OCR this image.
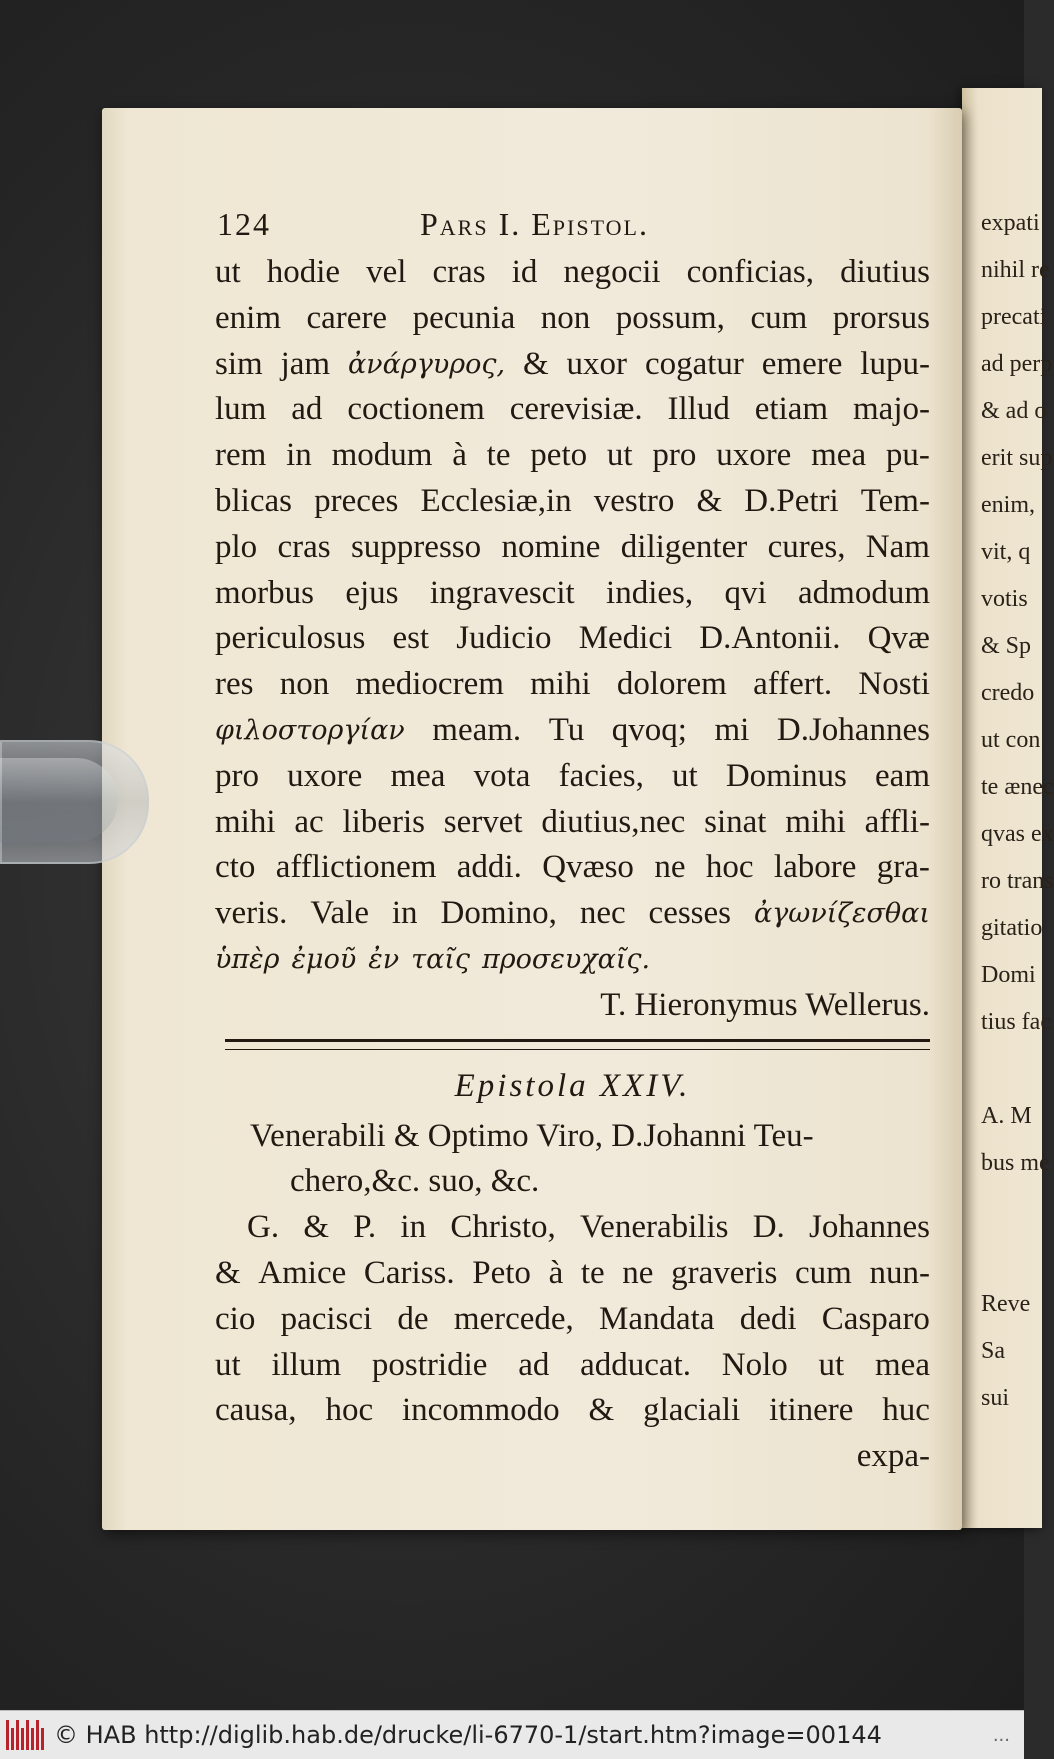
expati
nihil re
precati
ad perp
& ad o
erit sup
enim,
vit, q
votis
& Sp
credo
ut con
te ænec
qvas ex
ro trans
gitatio
Domi
tius fac
A. M
bus me
Reve
Sa
sui
124	Pars I. Epistol.
ut hodie vel cras id negocii conficias, diutius
enim carere pecunia non possum, cum prorsus
sim jam ἀνάργυρος, & uxor cogatur emere lupu-
lum ad coctionem cerevisiæ. Illud etiam majo-
rem in modum à te peto ut pro uxore mea pu-
blicas preces Ecclesiæ,in vestro & D.Petri Tem-
plo cras suppresso nomine diligenter cures, Nam
morbus ejus ingravescit indies, qvi admodum
periculosus est Judicio Medici D.Antonii. Qvæ
res non mediocrem mihi dolorem affert. Nosti
φιλοστοργίαν meam. Tu qvoq; mi D.Johannes
pro uxore mea vota facies, ut Dominus eam
mihi ac liberis servet diutius,nec sinat mihi affli-
cto afflictionem addi. Qvæso ne hoc labore gra-
veris. Vale in Domino, nec cesses ἀγωνίζεσθαι
ὑπὲρ ἐμοῦ ἐν ταῖς προσευχαῖς.
T. Hieronymus Wellerus.
Epistola XXIV.
Venerabili & Optimo Viro, D.Johanni Teu-
chero,&c. suo, &c.
G. & P. in Christo, Venerabilis D. Johannes
& Amice Cariss. Peto à te ne graveris cum nun-
cio pacisci de mercede, Mandata dedi Casparo
ut illum postridie ad adducat. Nolo ut mea
causa, hoc incommodo & glaciali itinere huc
expa-
© HAB http://diglib.hab.de/drucke/li-6770-1/start.htm?image=00144	...
